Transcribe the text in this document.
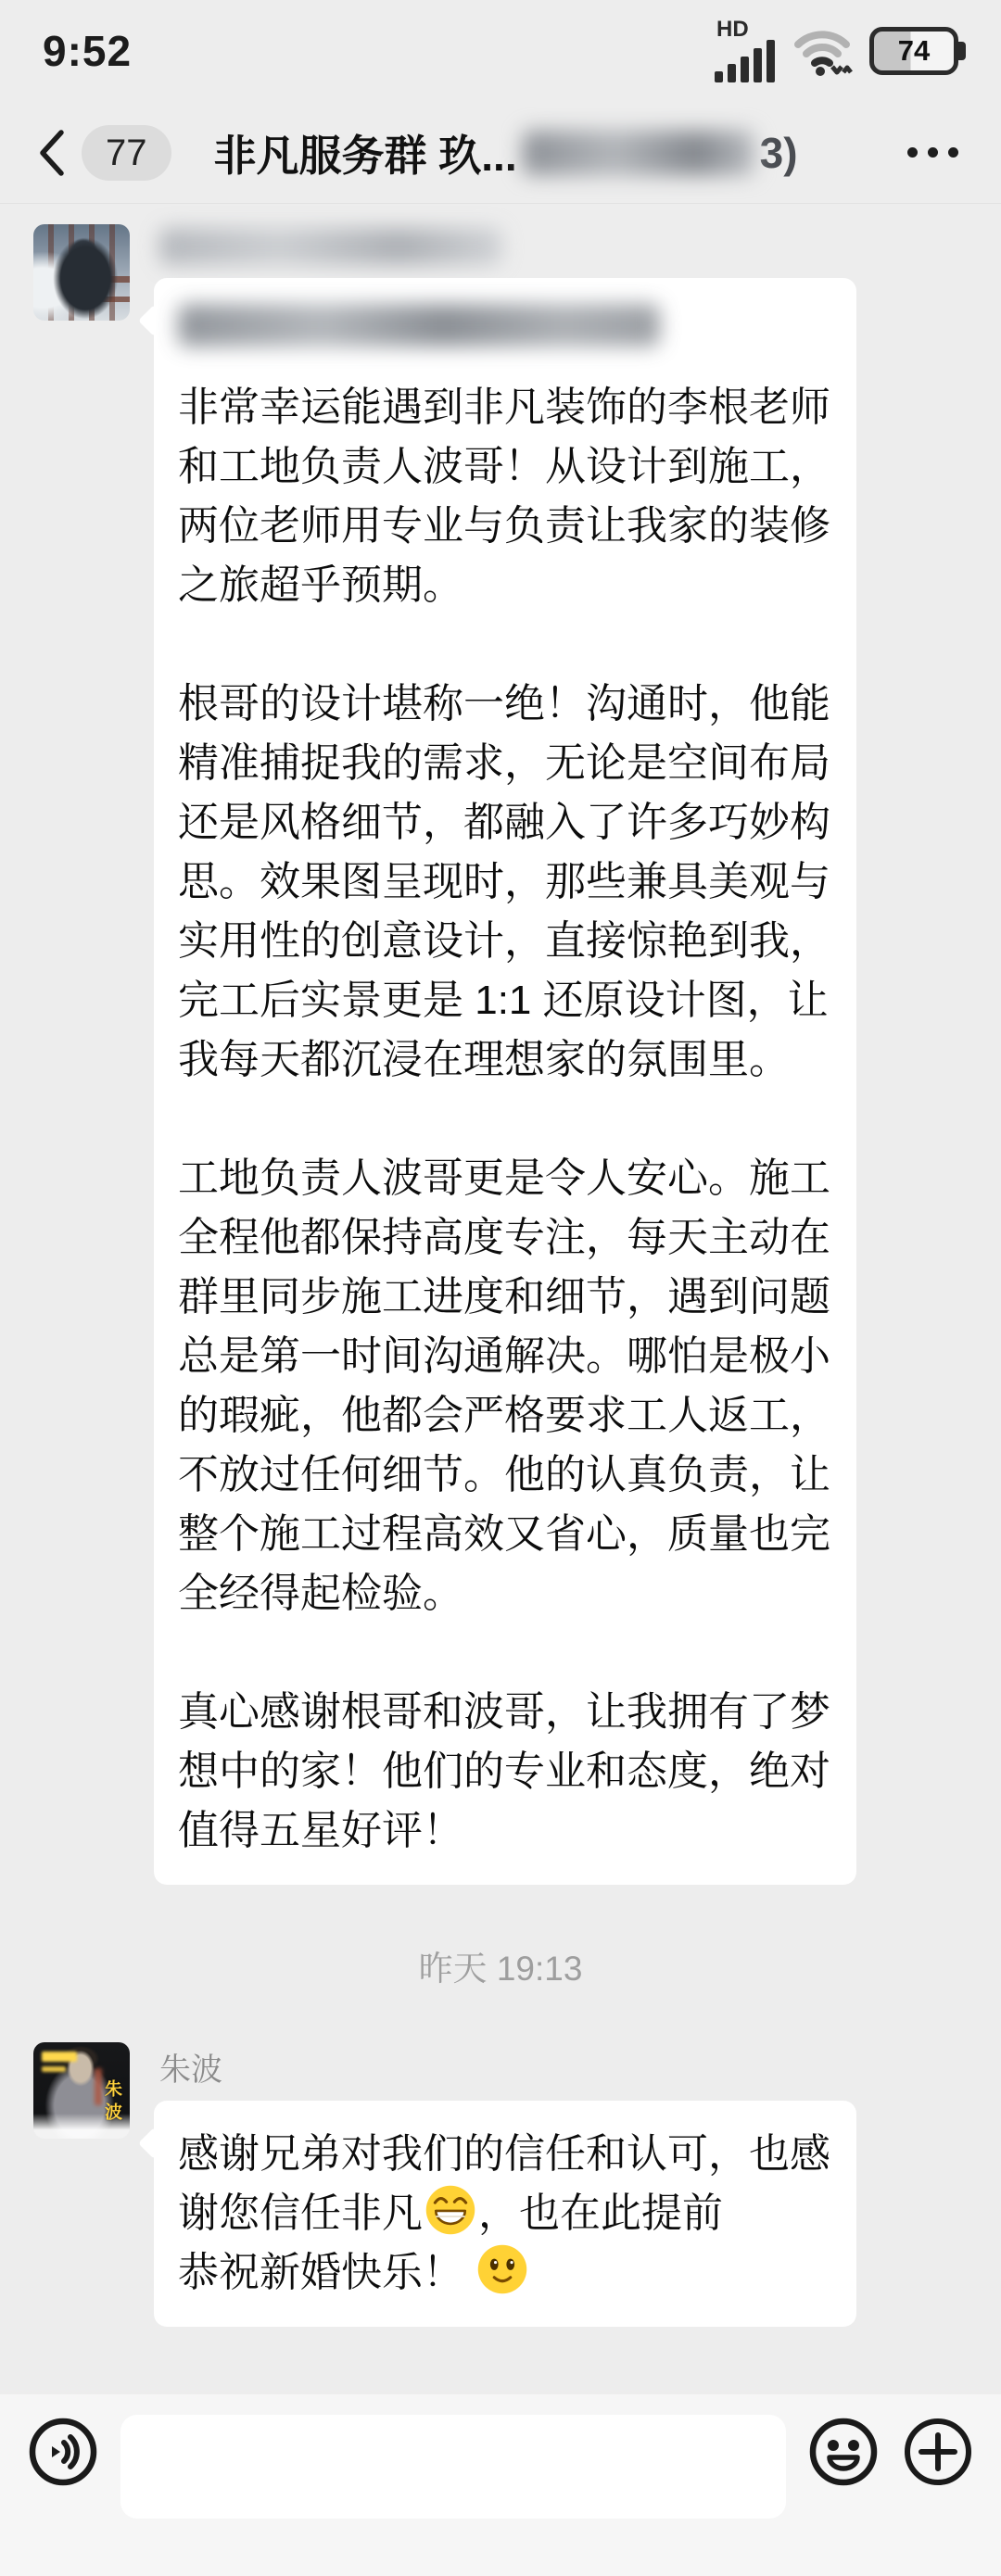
9:52	HD
74
77	非凡服务群 玖...	3)

非常幸运能遇到非凡装饰的李根老师和工地负责人波哥！从设计到施工，两位老师用专业与负责让我家的装修之旅超乎预期。

根哥的设计堪称一绝！沟通时，他能精准捕捉我的需求，无论是空间布局还是风格细节，都融入了许多巧妙构思。效果图呈现时，那些兼具美观与实用性的创意设计，直接惊艳到我，完工后实景更是 1:1 还原设计图，让我每天都沉浸在理想家的氛围里。

工地负责人波哥更是令人安心。施工全程他都保持高度专注，每天主动在群里同步施工进度和细节，遇到问题总是第一时间沟通解决。哪怕是极小的瑕疵，他都会严格要求工人返工，不放过任何细节。他的认真负责，让整个施工过程高效又省心，质量也完全经得起检验。

真心感谢根哥和波哥，让我拥有了梦想中的家！他们的专业和态度，绝对值得五星好评！

昨天 19:13
朱波
朱波

感谢兄弟对我们的信任和认可，也感谢您信任非凡 ，也在此提前
恭祝新婚快乐！
